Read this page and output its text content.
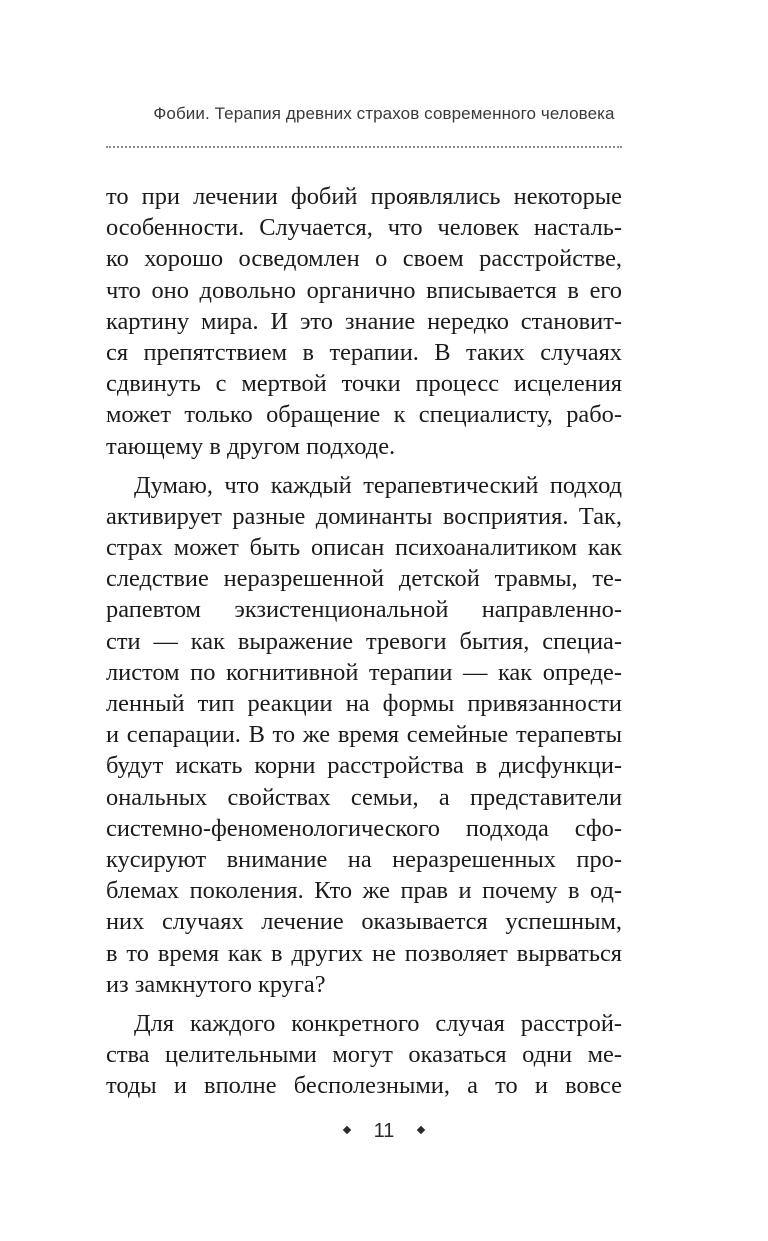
Фобии. Терапия древних страхов современного человека
то при лечении фобий проявлялись некоторые
особенности. Случается, что человек насталь-
ко хорошо осведомлен о своем расстройстве,
что оно довольно органично вписывается в его
картину мира. И это знание нередко становит-
ся препятствием в терапии. В таких случаях
сдвинуть с мертвой точки процесс исцеления
может только обращение к специалисту, рабо-
тающему в другом подходе.
Думаю, что каждый терапевтический подход
активирует разные доминанты восприятия. Так,
страх может быть описан психоаналитиком как
следствие неразрешенной детской травмы, те-
рапевтом экзистенциональной направленно-
сти — как выражение тревоги бытия, специа-
листом по когнитивной терапии — как опреде-
ленный тип реакции на формы привязанности
и сепарации. В то же время семейные терапевты
будут искать корни расстройства в дисфункци-
ональных свойствах семьи, а представители
системно-феноменологического подхода сфо-
кусируют внимание на неразрешенных про-
блемах поколения. Кто же прав и почему в од-
них случаях лечение оказывается успешным,
в то время как в других не позволяет вырваться
из замкнутого круга?
Для каждого конкретного случая расстрой-
ства целительными могут оказаться одни ме-
тоды и вполне бесполезными, а то и вовсе
11
